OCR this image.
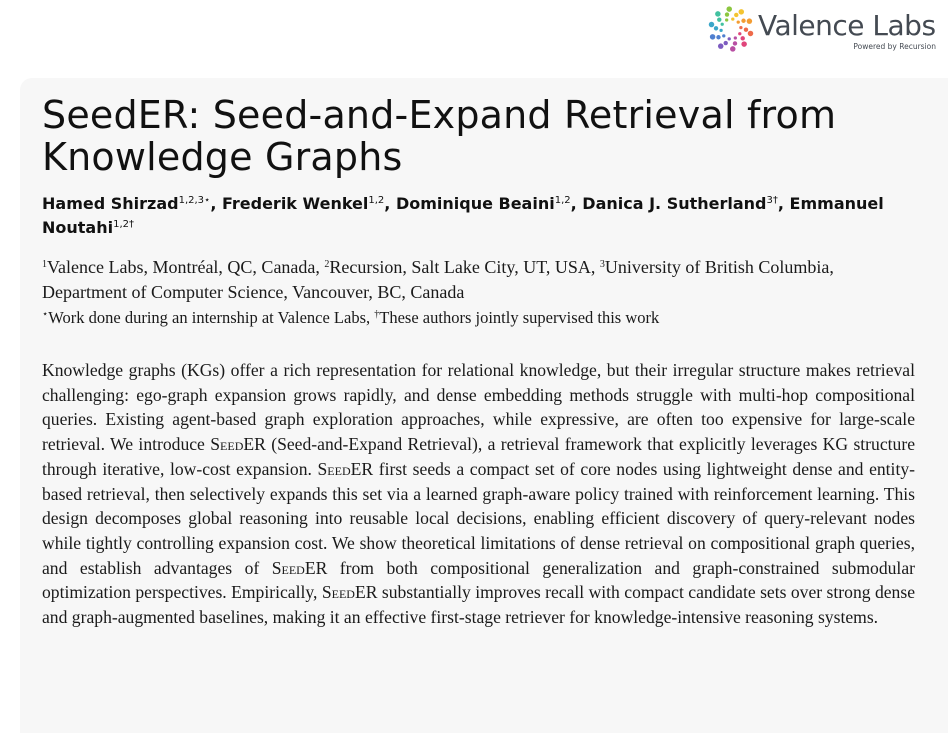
Valence Labs
Powered by Recursion
SeedER: Seed-and-Expand Retrieval from Knowledge Graphs
Hamed Shirzad$^{1,2,3⋆}$, Frederik Wenkel$^{1,2}$, Dominique Beaini$^{1,2}$, Danica J. Sutherland$^{3\dagger}$, Emmanuel Noutahi$^{1,2\dagger}$
$^1$Valence Labs, Montréal, QC, Canada, $^2$Recursion, Salt Lake City, UT, USA, $^3$University of British Columbia, Department of Computer Science, Vancouver, BC, Canada
⋆Work done during an internship at Valence Labs, †These authors jointly supervised this work

Knowledge graphs (KGs) offer a rich representation for relational knowledge, but their irregular structure makes retrieval challenging: ego-graph expansion grows rapidly, and dense embedding methods struggle with multi-hop compositional queries. Existing agent-based graph exploration approaches, while expressive, are often too expensive for large-scale retrieval. We introduce SeedER (Seed-and-Expand Retrieval), a retrieval framework that explicitly leverages KG structure through iterative, low-cost expansion. SeedER first seeds a compact set of core nodes using lightweight dense and entity-based retrieval, then selectively expands this set via a learned graph-aware policy trained with reinforcement learning. This design decomposes global reasoning into reusable local decisions, enabling efficient discovery of query-relevant nodes while tightly controlling expansion cost. We show theoretical limitations of dense retrieval on compositional graph queries, and establish advantages of SeedER from both compositional generalization and graph-constrained submodular optimization perspectives. Empirically, SeedER substantially improves recall with compact candidate sets over strong dense and graph-augmented baselines, making it an effective first-stage retriever for knowledge-intensive reasoning systems.
